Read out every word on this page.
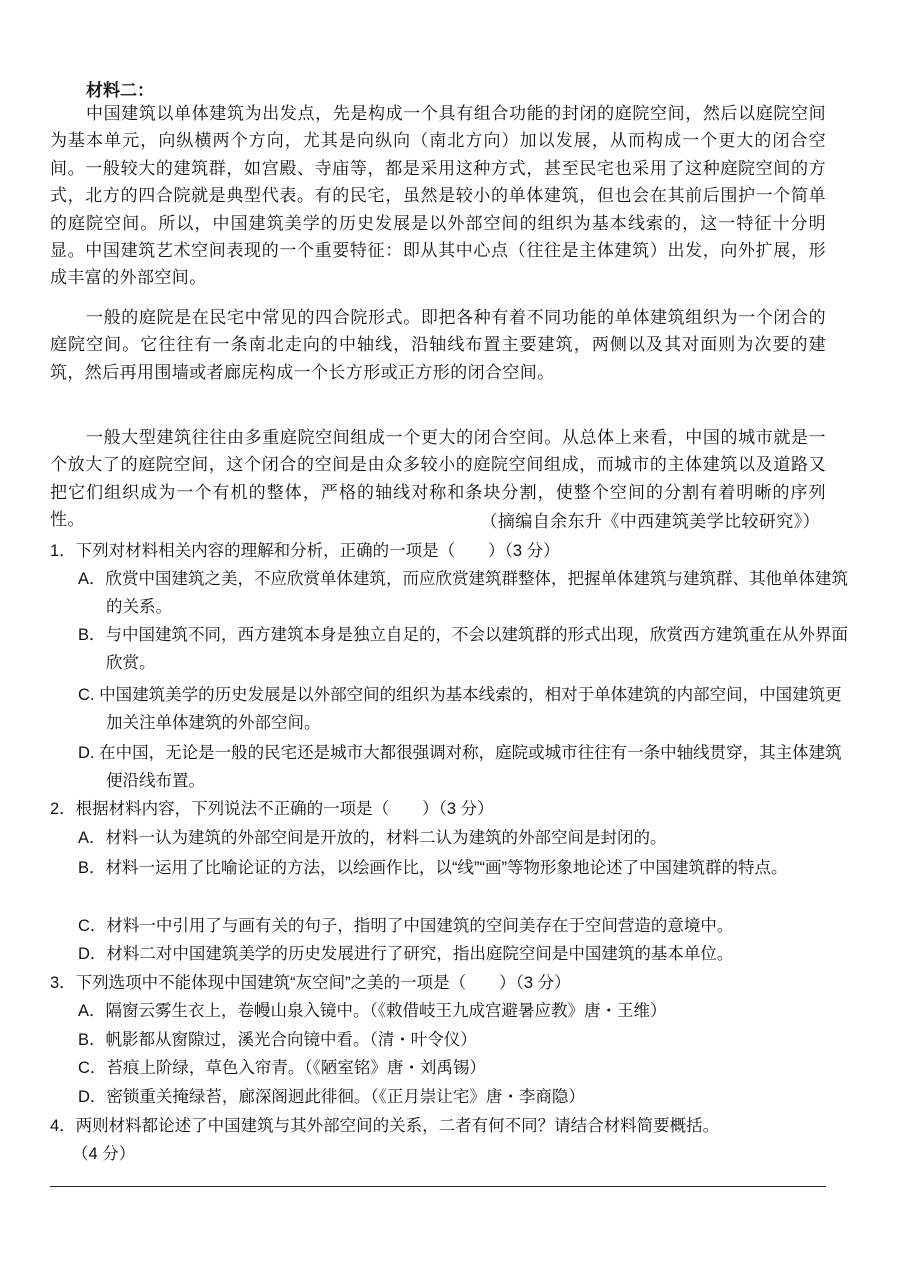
材料二：
中国建筑以单体建筑为出发点，先是构成一个具有组合功能的封闭的庭院空间，然后以庭院空间为基本单元，向纵横两个方向，尤其是向纵向（南北方向）加以发展，从而构成一个更大的闭合空间。一般较大的建筑群，如宫殿、寺庙等，都是采用这种方式，甚至民宅也采用了这种庭院空间的方式，北方的四合院就是典型代表。有的民宅，虽然是较小的单体建筑，但也会在其前后围护一个简单的庭院空间。所以，中国建筑美学的历史发展是以外部空间的组织为基本线索的，这一特征十分明显。中国建筑艺术空间表现的一个重要特征：即从其中心点（往往是主体建筑）出发，向外扩展，形成丰富的外部空间。
一般的庭院是在民宅中常见的四合院形式。即把各种有着不同功能的单体建筑组织为一个闭合的庭院空间。它往往有一条南北走向的中轴线，沿轴线布置主要建筑，两侧以及其对面则为次要的建筑，然后再用围墙或者廊庑构成一个长方形或正方形的闭合空间。
一般大型建筑往往由多重庭院空间组成一个更大的闭合空间。从总体上来看，中国的城市就是一个放大了的庭院空间，这个闭合的空间是由众多较小的庭院空间组成，而城市的主体建筑以及道路又把它们组织成为一个有机的整体，严格的轴线对称和条块分割，使整个空间的分割有着明晰的序列性。	（摘编自余东升《中西建筑美学比较研究》）
1．下列对材料相关内容的理解和分析，正确的一项是（　　）（3 分）
A．欣赏中国建筑之美，不应欣赏单体建筑，而应欣赏建筑群整体，把握单体建筑与建筑群、其他单体建筑的关系。
B．与中国建筑不同，西方建筑本身是独立自足的，不会以建筑群的形式出现，欣赏西方建筑重在从外界面欣赏。
C. 中国建筑美学的历史发展是以外部空间的组织为基本线索的，相对于单体建筑的内部空间，中国建筑更加关注单体建筑的外部空间。
D. 在中国，无论是一般的民宅还是城市大都很强调对称，庭院或城市往往有一条中轴线贯穿，其主体建筑便沿线布置。
2．根据材料内容，下列说法不正确的一项是（　　）（3 分）
A．材料一认为建筑的外部空间是开放的，材料二认为建筑的外部空间是封闭的。
B．材料一运用了比喻论证的方法，以绘画作比，以“线”“画”等物形象地论述了中国建筑群的特点。
C．材料一中引用了与画有关的句子，指明了中国建筑的空间美存在于空间营造的意境中。
D．材料二对中国建筑美学的历史发展进行了研究，指出庭院空间是中国建筑的基本单位。
3．下列选项中不能体现中国建筑“灰空间”之美的一项是（　　）（3 分）
A．隔窗云雾生衣上，卷幔山泉入镜中。（《敕借岐王九成宫避暑应教》唐・王维）
B．帆影都从窗隙过，溪光合向镜中看。（清・叶令仪）
C．苔痕上阶绿，草色入帘青。（《陋室铭》唐・刘禹锡）
D．密锁重关掩绿苔，廊深阁迥此徘徊。（《正月崇让宅》唐・李商隐）
4．两则材料都论述了中国建筑与其外部空间的关系，二者有何不同？请结合材料简要概括。
（4 分）
